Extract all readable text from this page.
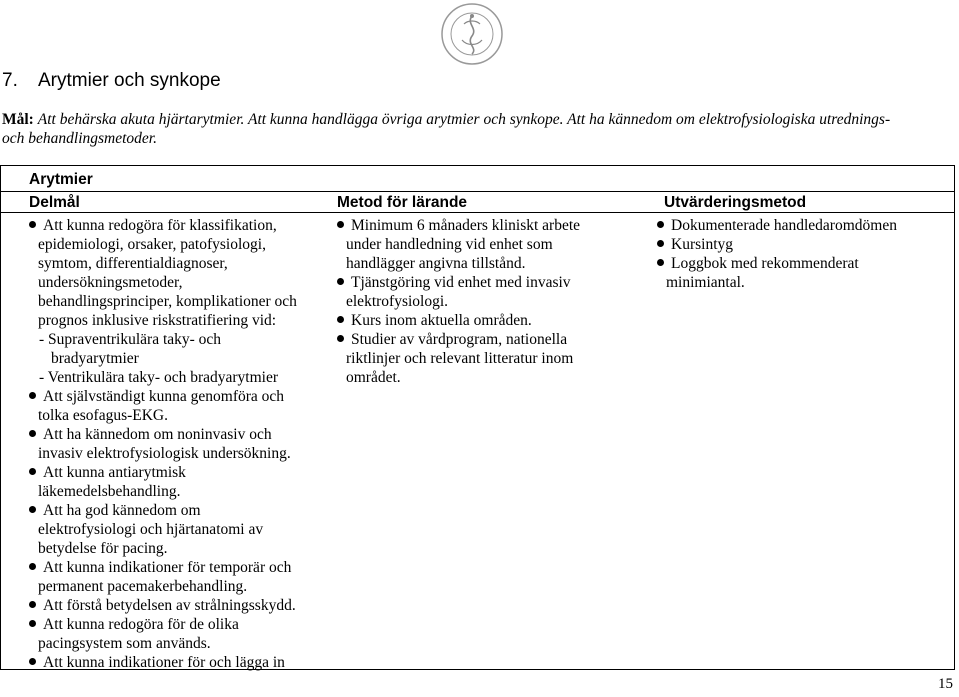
7. Arytmier och synkope
Mål: Att behärska akuta hjärtarytmier. Att kunna handlägga övriga arytmier och synkope. Att ha kännedom om elektrofysiologiska utrednings- och behandlingsmetoder.
Arytmier
Delmål	Metod för lärande	Utvärderingsmetod
Att kunna redogöra för klassifikation,
epidemiologi, orsaker, patofysiologi,
symtom, differentialdiagnoser,
undersökningsmetoder,
behandlingsprinciper, komplikationer och
prognos inklusive riskstratifiering vid:
- Supraventrikulära taky- och
bradyarytmier
- Ventrikulära taky- och bradyarytmier
Att självständigt kunna genomföra och
tolka esofagus-EKG.
Att ha kännedom om noninvasiv och
invasiv elektrofysiologisk undersökning.
Att kunna antiarytmisk
läkemedelsbehandling.
Att ha god kännedom om
elektrofysiologi och hjärtanatomi av
betydelse för pacing.
Att kunna indikationer för temporär och
permanent pacemakerbehandling.
Att förstå betydelsen av strålningsskydd.
Att kunna redogöra för de olika
pacingsystem som används.
Att kunna indikationer för och lägga in
Minimum 6 månaders kliniskt arbete
under handledning vid enhet som
handlägger angivna tillstånd.
Tjänstgöring vid enhet med invasiv
elektrofysiologi.
Kurs inom aktuella områden.
Studier av vårdprogram, nationella
riktlinjer och relevant litteratur inom
området.
Dokumenterade handledaromdömen
Kursintyg
Loggbok med rekommenderat
minimiantal.
15
